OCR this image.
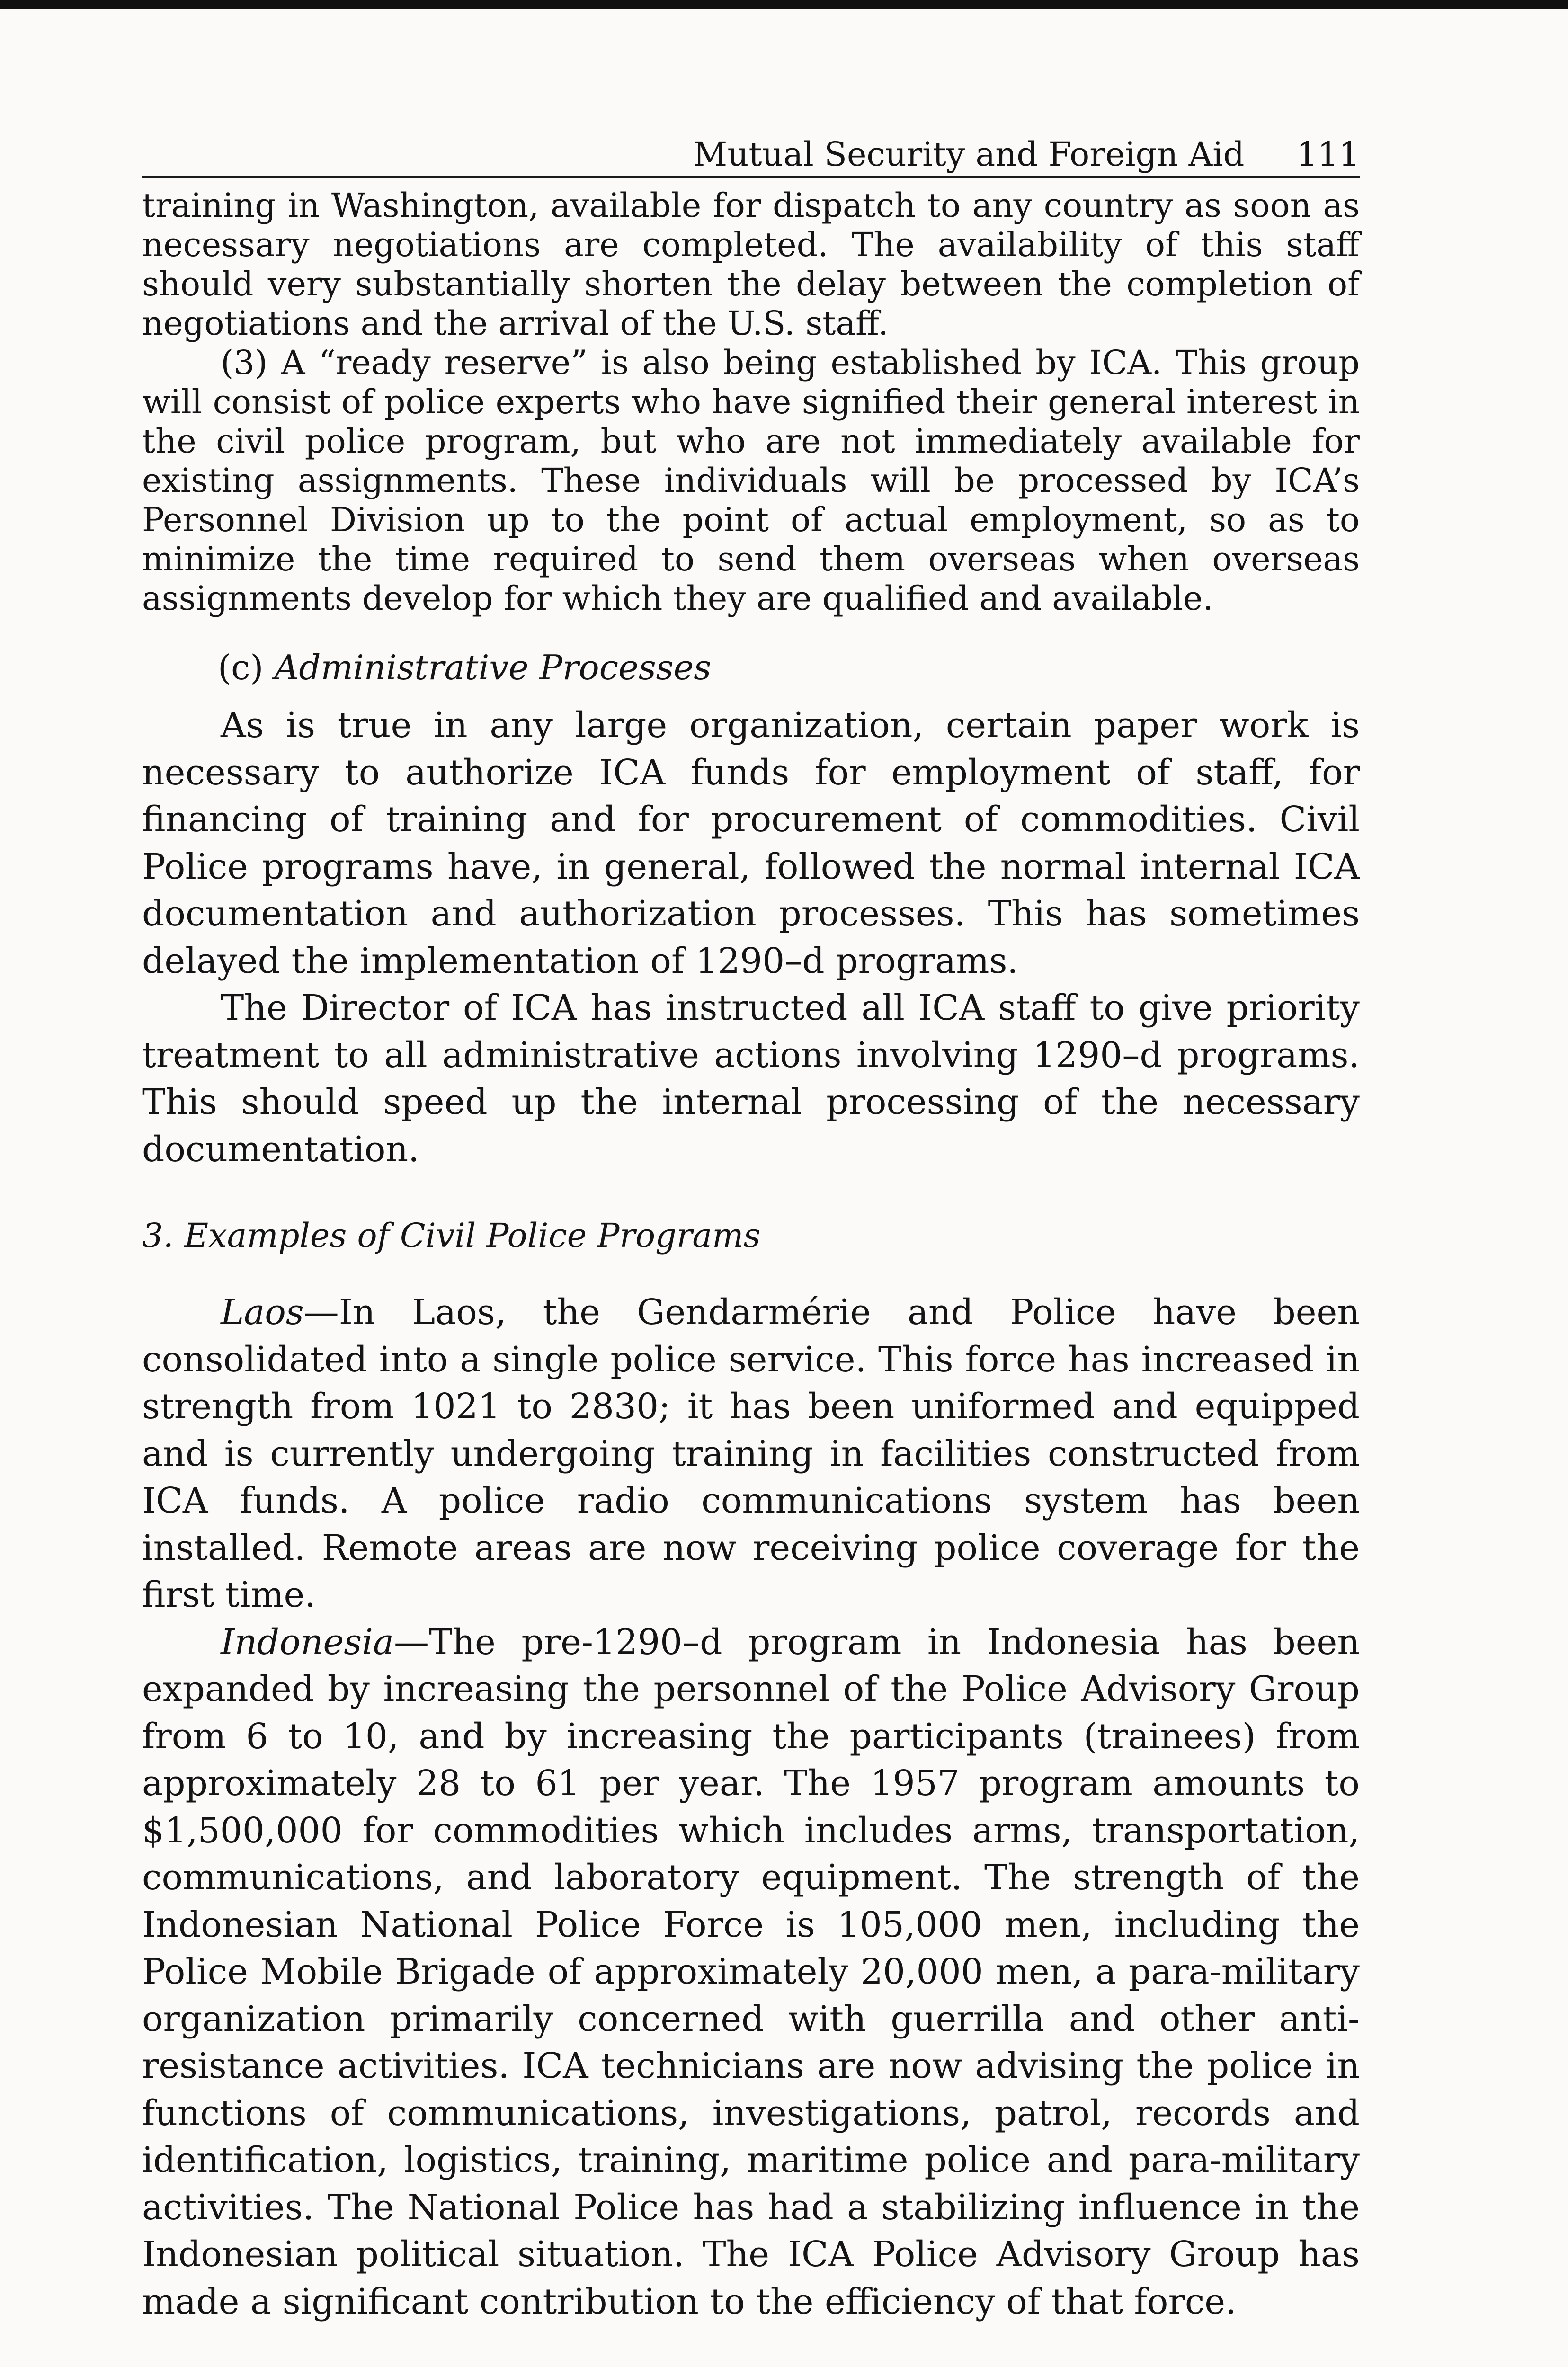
Mutual Security and Foreign Aid 111

training in Washington, available for dispatch to any country as soon as necessary negotiations are completed. The availability of this staff should very substantially shorten the delay between the completion of negotiations and the arrival of the U.S. staff.

(3) A “ready reserve” is also being established by ICA. This group will consist of police experts who have signified their general interest in the civil police program, but who are not immediately available for existing assignments. These individuals will be processed by ICA’s Personnel Division up to the point of actual employment, so as to minimize the time required to send them overseas when overseas assignments develop for which they are qualified and available.

(c) Administrative Processes

As is true in any large organization, certain paper work is necessary to authorize ICA funds for employment of staff, for financing of training and for procurement of commodities. Civil Police programs have, in general, followed the normal internal ICA documentation and authorization processes. This has sometimes delayed the implementation of 1290–d programs.

The Director of ICA has instructed all ICA staff to give priority treatment to all administrative actions involving 1290–d programs. This should speed up the internal processing of the necessary documentation.

3. Examples of Civil Police Programs

Laos—In Laos, the Gendarmérie and Police have been consolidated into a single police service. This force has increased in strength from 1021 to 2830; it has been uniformed and equipped and is currently undergoing training in facilities constructed from ICA funds. A police radio communications system has been installed. Remote areas are now receiving police coverage for the first time.

Indonesia—The pre-1290–d program in Indonesia has been expanded by increasing the personnel of the Police Advisory Group from 6 to 10, and by increasing the participants (trainees) from approximately 28 to 61 per year. The 1957 program amounts to $1,500,000 for commodities which includes arms, transportation, communications, and laboratory equipment. The strength of the Indonesian National Police Force is 105,000 men, including the Police Mobile Brigade of approximately 20,000 men, a para-military organization primarily concerned with guerrilla and other anti-resistance activities. ICA technicians are now advising the police in functions of communications, investigations, patrol, records and identification, logistics, training, maritime police and para-military activities. The National Police has had a stabilizing influence in the Indonesian political situation. The ICA Police Advisory Group has made a significant contribution to the efficiency of that force.
